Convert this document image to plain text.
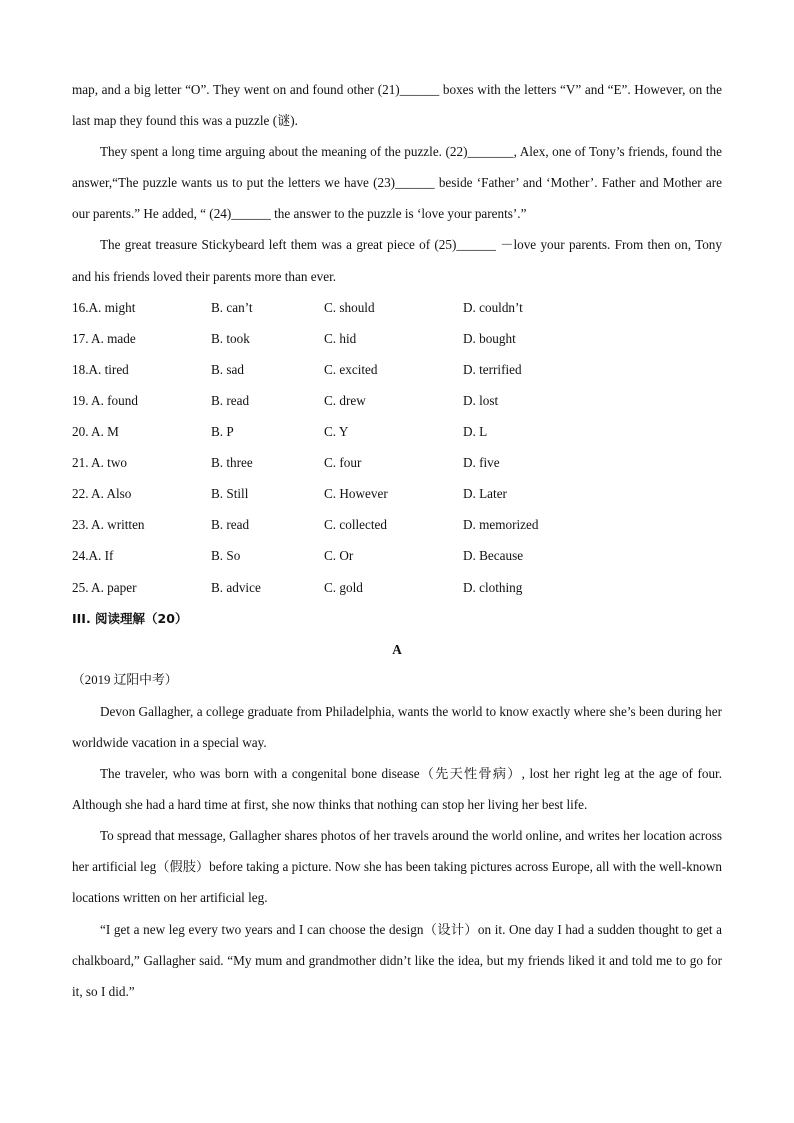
map, and a big letter “O”. They went on and found other (21)______ boxes with the letters “V” and “E”. However, on the last map they found this was a puzzle (谜).

They spent a long time arguing about the meaning of the puzzle. (22)_______, Alex, one of Tony’s friends, found the answer,“The puzzle wants us to put the letters we have (23)______ beside ‘Father’ and ‘Mother’. Father and Mother are our parents.” He added, “ (24)______ the answer to the puzzle is ‘love your parents’.”

The great treasure Stickybeard left them was a great piece of (25)______ －love your parents. From then on, Tony and his friends loved their parents more than ever.

16.A. might	B. can’t	C. should	D. couldn’t
17. A. made	B. took	C. hid	D. bought
18.A. tired	B. sad	C. excited	D. terrified
19. A. found	B. read	C. drew	D. lost
20. A. M	B. P	C. Y	D. L
21. A. two	B. three	C. four	D. five
22. A. Also	B. Still	C. However	D. Later
23. A. written	B. read	C. collected	D. memorized
24.A. If	B. So	C. Or	D. Because
25. A. paper	B. advice	C. gold	D. clothing
III. 阅读理解（20）
A
（2019 辽阳中考）

Devon Gallagher, a college graduate from Philadelphia, wants the world to know exactly where she’s been during her worldwide vacation in a special way.

The traveler, who was born with a congenital bone disease（先天性骨病）, lost her right leg at the age of four. Although she had a hard time at first, she now thinks that nothing can stop her living her best life.

To spread that message, Gallagher shares photos of her travels around the world online, and writes her location across her artificial leg（假肢）before taking a picture. Now she has been taking pictures across Europe, all with the well-known locations written on her artificial leg.

“I get a new leg every two years and I can choose the design（设计）on it. One day I had a sudden thought to get a chalkboard,” Gallagher said. “My mum and grandmother didn’t like the idea, but my friends liked it and told me to go for it, so I did.”
